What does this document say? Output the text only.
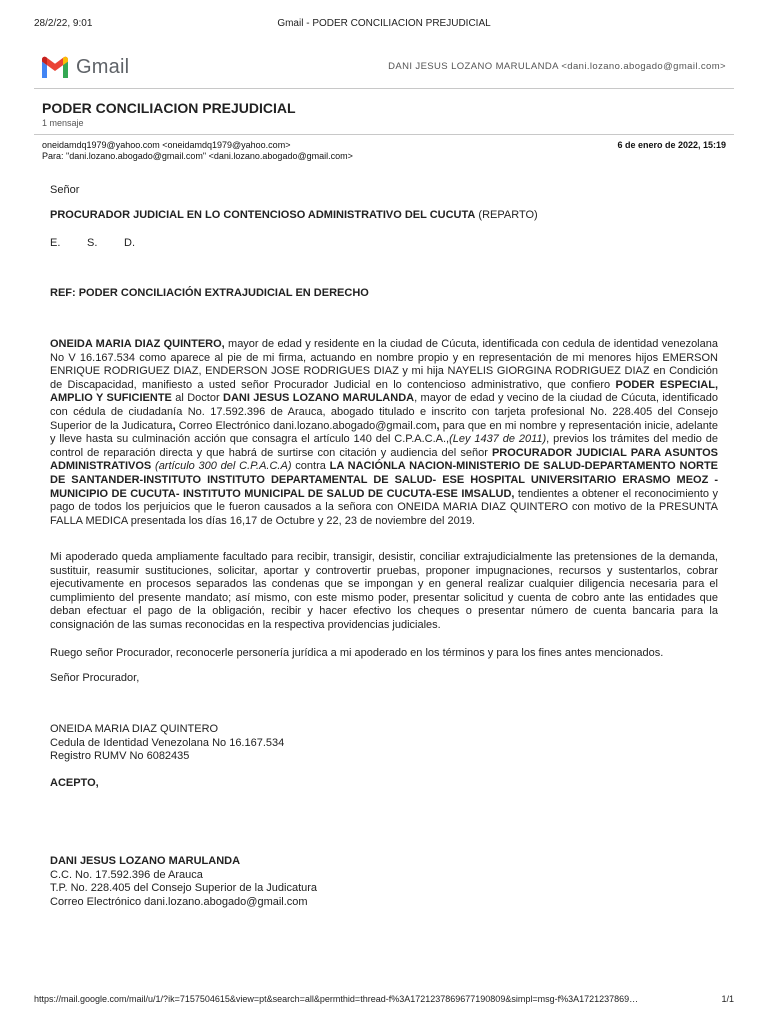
28/2/22, 9:01	Gmail - PODER CONCILIACION PREJUDICIAL
Gmail	DANI JESUS LOZANO MARULANDA <dani.lozano.abogado@gmail.com>
PODER CONCILIACION PREJUDICIAL
1 mensaje
oneidamdq1979@yahoo.com <oneidamdq1979@yahoo.com>
Para: "dani.lozano.abogado@gmail.com" <dani.lozano.abogado@gmail.com>
6 de enero de 2022, 15:19
Señor
PROCURADOR JUDICIAL EN LO CONTENCIOSO ADMINISTRATIVO DEL CUCUTA (REPARTO)
E. S. D.
REF: PODER CONCILIACIÓN EXTRAJUDICIAL EN DERECHO
ONEIDA MARIA DIAZ QUINTERO, mayor de edad y residente en la ciudad de Cúcuta, identificada con cedula de identidad venezolana No V 16.167.534 como aparece al pie de mi firma, actuando en nombre propio y en representación de mi menores hijos EMERSON ENRIQUE RODRIGUEZ DIAZ, ENDERSON JOSE RODRIGUES DIAZ y mi hija NAYELIS GIORGINA RODRIGUEZ DIAZ en Condición de Discapacidad, manifiesto a usted señor Procurador Judicial en lo contencioso administrativo, que confiero PODER ESPECIAL, AMPLIO Y SUFICIENTE al Doctor DANI JESUS LOZANO MARULANDA, mayor de edad y vecino de la ciudad de Cúcuta, identificado con cédula de ciudadanía No. 17.592.396 de Arauca, abogado titulado e inscrito con tarjeta profesional No. 228.405 del Consejo Superior de la Judicatura, Correo Electrónico dani.lozano.abogado@gmail.com, para que en mi nombre y representación inicie, adelante y lleve hasta su culminación acción que consagra el artículo 140 del C.P.A.C.A.,(Ley 1437 de 2011), previos los trámites del medio de control de reparación directa y que habrá de surtirse con citación y audiencia del señor PROCURADOR JUDICIAL PARA ASUNTOS ADMINISTRATIVOS (artículo 300 del C.P.A.C.A) contra LA NACIÓNLA NACION-MINISTERIO DE SALUD-DEPARTAMENTO NORTE DE SANTANDER-INSTITUTO INSTITUTO DEPARTAMENTAL DE SALUD- ESE HOSPITAL UNIVERSITARIO ERASMO MEOZ - MUNICIPIO DE CUCUTA- INSTITUTO MUNICIPAL DE SALUD DE CUCUTA-ESE IMSALUD, tendientes a obtener el reconocimiento y pago de todos los perjuicios que le fueron causados a la señora con ONEIDA MARIA DIAZ QUINTERO con motivo de la PRESUNTA FALLA MEDICA presentada los días 16,17 de Octubre y 22, 23 de noviembre del 2019.
Mi apoderado queda ampliamente facultado para recibir, transigir, desistir, conciliar extrajudicialmente las pretensiones de la demanda, sustituir, reasumir sustituciones, solicitar, aportar y controvertir pruebas, proponer impugnaciones, recursos y sustentarlos, cobrar ejecutivamente en procesos separados las condenas que se impongan y en general realizar cualquier diligencia necesaria para el cumplimiento del presente mandato; así mismo, con este mismo poder, presentar solicitud y cuenta de cobro ante las entidades que deban efectuar el pago de la obligación, recibir y hacer efectivo los cheques o presentar número de cuenta bancaria para la consignación de las sumas reconocidas en la respectiva providencias judiciales.
Ruego señor Procurador, reconocerle personería jurídica a mi apoderado en los términos y para los fines antes mencionados.
Señor Procurador,
ONEIDA MARIA DIAZ QUINTERO
Cedula de Identidad Venezolana No 16.167.534
Registro RUMV No 6082435
ACEPTO,
DANI JESUS LOZANO MARULANDA
C.C. No. 17.592.396 de Arauca
T.P. No. 228.405 del Consejo Superior de la Judicatura
Correo Electrónico dani.lozano.abogado@gmail.com
https://mail.google.com/mail/u/1/?ik=7157504615&view=pt&search=all&permthid=thread-f%3A1721237869677190809&simpl=msg-f%3A1721237869…	1/1
